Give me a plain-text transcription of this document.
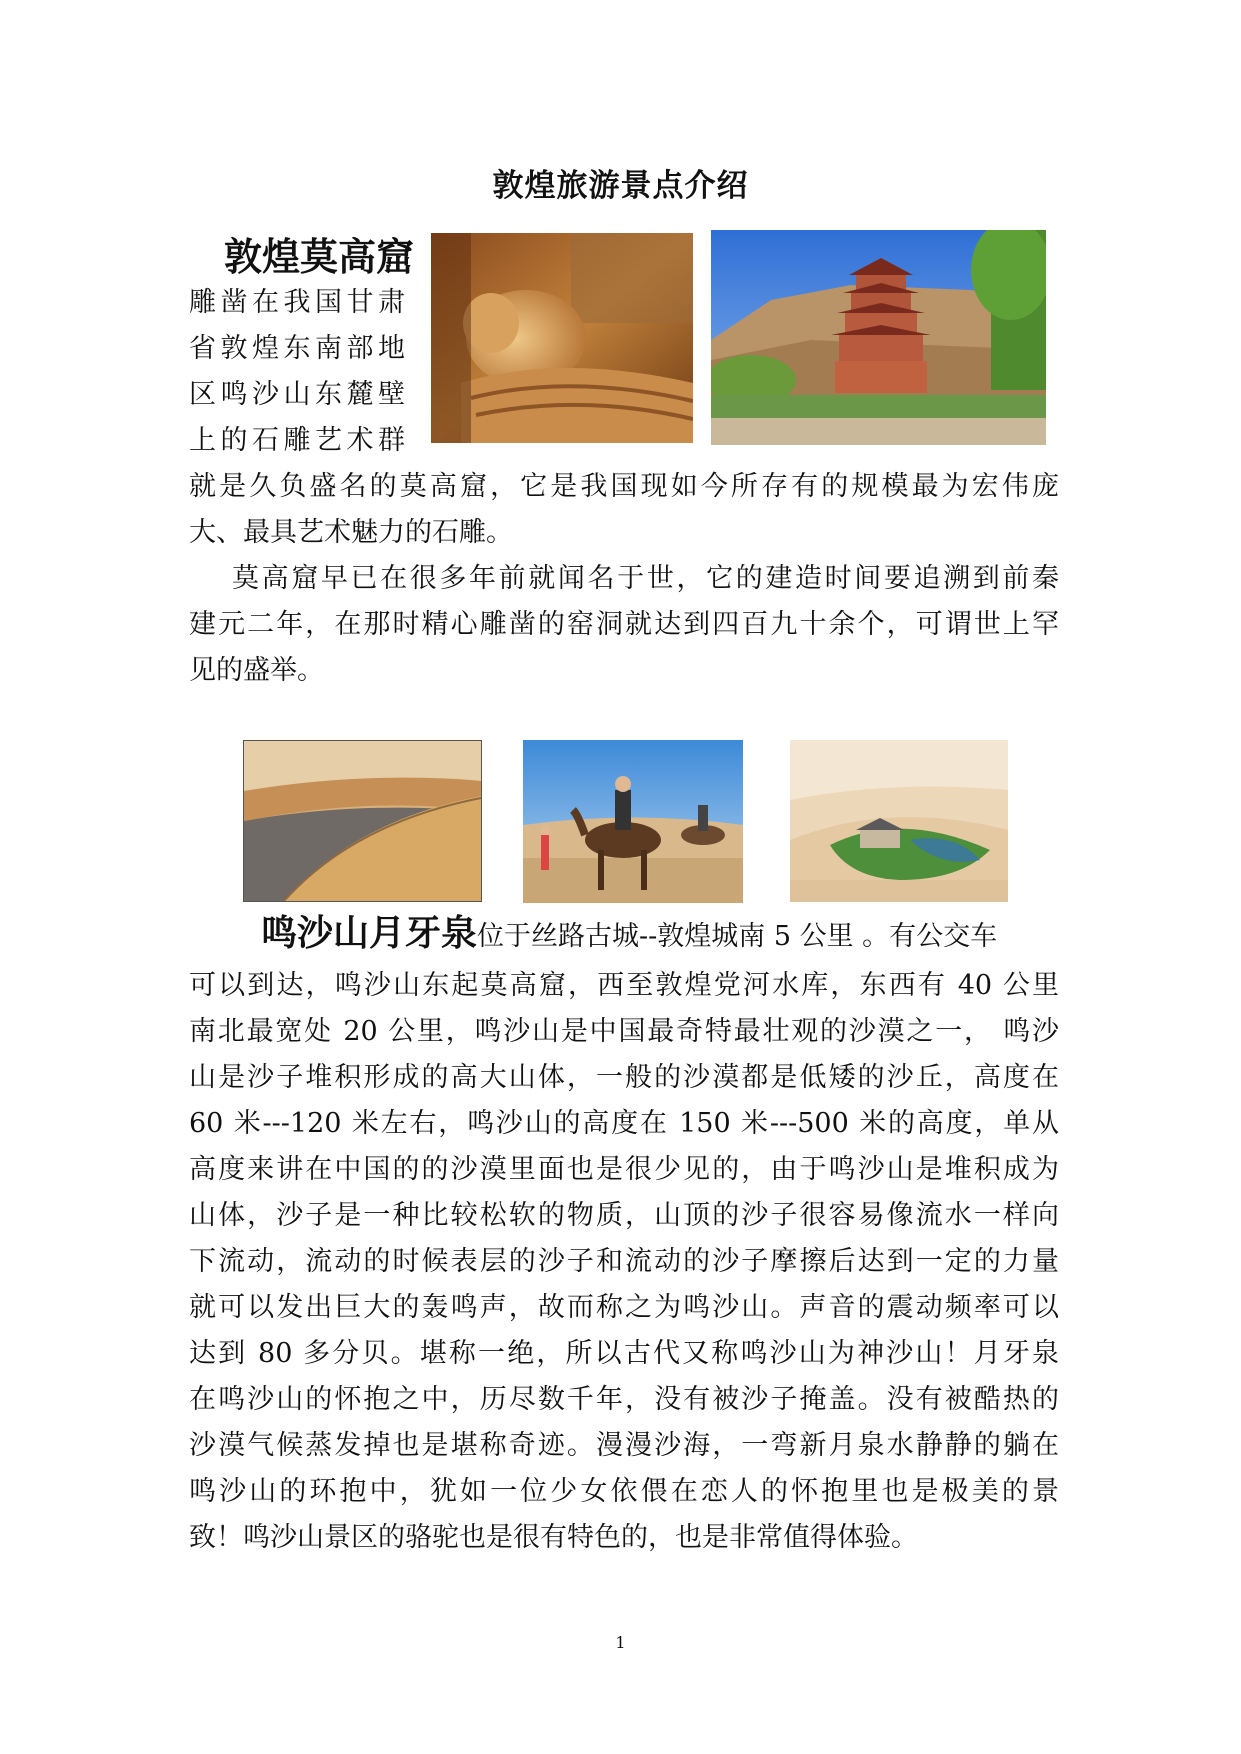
敦煌旅游景点介绍
敦煌莫高窟
雕凿在我国甘肃
省敦煌东南部地
区鸣沙山东麓壁
上的石雕艺术群
就是久负盛名的莫高窟，它是我国现如今所存有的规模最为宏伟庞
大、最具艺术魅力的石雕。
莫高窟早已在很多年前就闻名于世，它的建造时间要追溯到前秦
建元二年，在那时精心雕凿的窑洞就达到四百九十余个，可谓世上罕
见的盛举。
鸣沙山月牙泉位于丝路古城--敦煌城南 5 公里 。有公交车
可以到达，鸣沙山东起莫高窟，西至敦煌党河水库，东西有 40 公里
南北最宽处 20 公里，鸣沙山是中国最奇特最壮观的沙漠之一， 鸣沙
山是沙子堆积形成的高大山体，一般的沙漠都是低矮的沙丘，高度在
60 米---120 米左右，鸣沙山的高度在 150 米---500 米的高度，单从
高度来讲在中国的的沙漠里面也是很少见的，由于鸣沙山是堆积成为
山体，沙子是一种比较松软的物质，山顶的沙子很容易像流水一样向
下流动，流动的时候表层的沙子和流动的沙子摩擦后达到一定的力量
就可以发出巨大的轰鸣声，故而称之为鸣沙山。声音的震动频率可以
达到 80 多分贝。堪称一绝，所以古代又称鸣沙山为神沙山！月牙泉
在鸣沙山的怀抱之中，历尽数千年，没有被沙子掩盖。没有被酷热的
沙漠气候蒸发掉也是堪称奇迹。漫漫沙海，一弯新月泉水静静的躺在
鸣沙山的环抱中，犹如一位少女依偎在恋人的怀抱里也是极美的景
致！鸣沙山景区的骆驼也是很有特色的，也是非常值得体验。
1
